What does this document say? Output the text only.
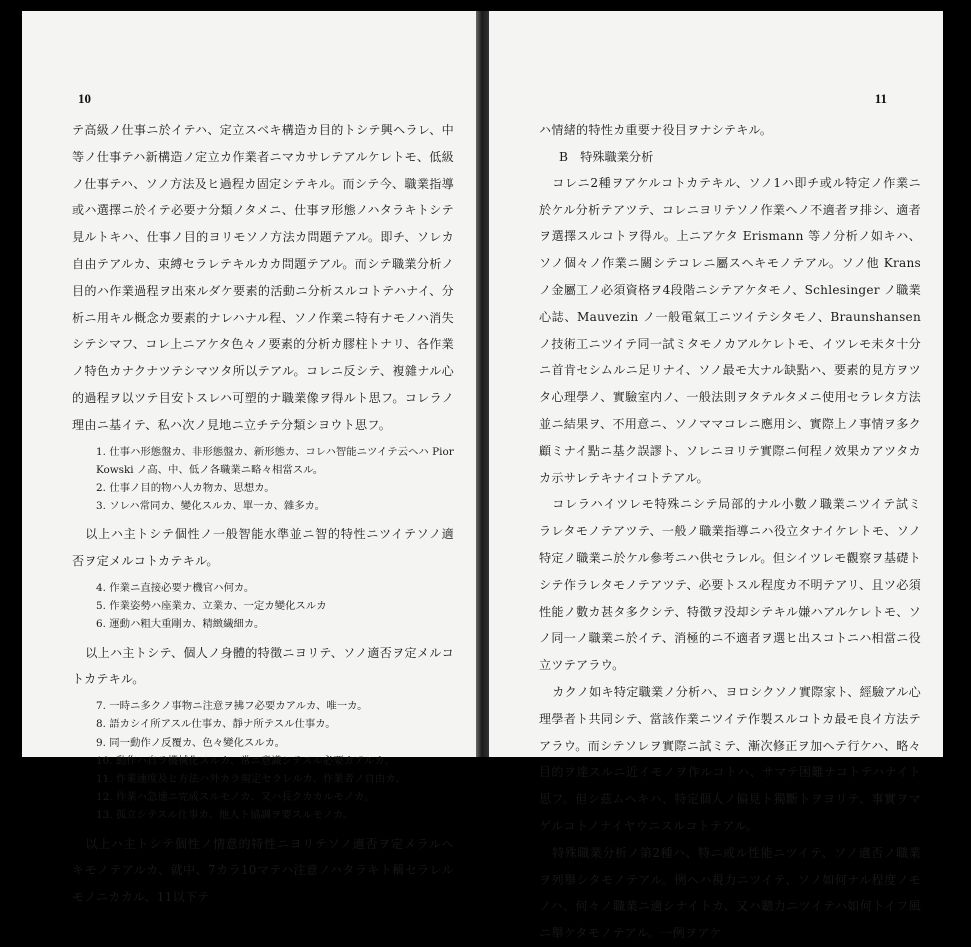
10

テ高級ノ仕事ニ於イテハ、定立スベキ構造カ目的トシテ興ヘラレ、中等ノ仕事テハ新構造ノ定立カ作業者ニマカサレテアルケレトモ、低級ノ仕事テハ、ソノ方法及ヒ過程カ固定シテキル。而シテ今、職業指導或ハ選擇ニ於イテ必要ナ分類ノタメニ、仕事ヲ形態ノハタラキトシテ見ルトキハ、仕事ノ目的ヨリモソノ方法カ問題テアル。即チ、ソレカ自由テアルカ、束縛セラレテキルカカ問題テアル。而シテ職業分析ノ目的ハ作業過程ヲ出來ルダケ要素的活動ニ分析スルコトテハナイ、分析ニ用キル概念カ要素的ナレハナル程、ソノ作業ニ特有ナモノハ消失シテシマフ、コレ上ニアケタ色々ノ要素的分析カ膠柱トナリ、各作業ノ特色カナクナツテシマツタ所以テアル。コレニ反シテ、複雜ナル心的過程ヲ以ツテ目安トスレハ可塑的ナ職業像ヲ得ルト思フ。コレラノ理由ニ基イテ、私ハ次ノ見地ニ立チテ分類シヨウト思フ。

1. 仕事ハ形態盤カ、非形態盤カ、新形態カ、コレハ智能ニツイテ云ヘハ Pior Kowski ノ高、中、低ノ各職業ニ略々相當スル。
2. 仕事ノ目的物ハ人カ物カ、思想カ。
3. ソレハ常同カ、變化スルカ、單一カ、雜多カ。

以上ハ主トシテ個性ノ一般智能水準並ニ智的特性ニツイテソノ適否ヲ定メルコトカテキル。

4. 作業ニ直接必要ナ機官ハ何カ。
5. 作業姿勢ハ座業カ、立業カ、一定カ變化スルカ
6. 運動ハ粗大重剛カ、精緻繊細カ。

以上ハ主トシテ、個人ノ身體的特徴ニヨリテ、ソノ適否ヲ定メルコトカテキル。

7. 一時ニ多クノ事物ニ注意ヲ拂フ必要カアルカ、唯一カ。
8. 語カシイ所アスル仕事カ、靜ナ所テスル仕事カ。
9. 同一動作ノ反覆カ、色々變化スルカ。
10. 動作ハ自ラ機械化スルカ、常ニ意識シテスル必要カアルカ。
11. 作業速度及ヒ方法ハ外カラ規定セラレルカ、作業者ノ自由カ。
12. 作業ハ急速ニ完成スルモノカ、又ハ長クカカルモノカ。
13. 孤立シテスル仕事カ、他人ト協調ヲ要スルモノカ。

以上ハ主トシテ個性ノ情意的特性ニヨリテソノ適否ヲ定メラルヘキモノテアルカ、就中、7カラ10マテハ注意ノハタラキト稱セラレルモノニカカル、11以下テ

11

ハ情緒的特性カ重要ナ役目ヲナシテキル。

B　特殊職業分析

コレニ2種ヲアケルコトカテキル、ソノ1ハ即チ或ル特定ノ作業ニ於ケル分析テアツテ、コレニヨリテソノ作業ヘノ不適者ヲ排シ、適者ヲ選擇スルコトヲ得ル。上ニアケタ Erismann 等ノ分析ノ如キハ、ソノ個々ノ作業ニ關シテコレニ屬スヘキモノテアル。ソノ他 Krans ノ金屬工ノ必須資格ヲ4段階ニシテアケタモノ、Schlesinger ノ職業心誌、Mauvezin ノ一般電氣工ニツイテシタモノ、Braunshansen ノ技術工ニツイテ同一試ミタモノカアルケレトモ、イツレモ未タ十分ニ首肯セシムルニ足リナイ、ソノ最モ大ナル缺點ハ、要素的見方ヲツタ心理學ノ、實驗室内ノ、一般法則ヲタテルタメニ使用セラレタ方法並ニ結果ヲ、不用意ニ、ソノママコレニ應用シ、實際上ノ事情ヲ多ク顧ミナイ點ニ基ク誤謬ト、ソレニヨリテ實際ニ何程ノ效果カアツタカカ示サレテキナイコトテアル。

コレラハイツレモ特殊ニシテ局部的ナル小數ノ職業ニツイテ試ミラレタモノテアツテ、一般ノ職業指導ニハ役立タナイケレトモ、ソノ特定ノ職業ニ於ケル參考ニハ供セラレル。但シイツレモ觀察ヲ基礎トシテ作ラレタモノテアツテ、必要トスル程度カ不明テアリ、且ツ必須性能ノ數カ甚タ多クシテ、特徴ヲ没却シテキル嫌ハアルケレトモ、ソノ同一ノ職業ニ於イテ、消極的ニ不適者ヲ選ヒ出スコトニハ相當ニ役立ツテアラウ。

カクノ如キ特定職業ノ分析ハ、ヨロシクソノ實際家ト、經驗アル心理學者ト共同シテ、當該作業ニツイテ作製スルコトカ最モ良イ方法テアラウ。而シテソレヲ實際ニ試ミテ、漸次修正ヲ加ヘテ行ケハ、略々目的ヲ達スルニ近イモノヲ作ルコトハ、サマテ困難ナコトテハナイト思フ。但シ茲ムヘキハ、特定個人ノ偏見ト獨斷トヲヨリテ、事實ヲマゲルコトノナイヤウニスルコトテアル。

特殊職業分析ノ第2種ハ、特ニ或ル性能ニツイテ、ソノ適否ノ職業ヲ列舉シタモノテアル。例ヘハ視力ニツイテ、ソノ如何ナル程度ノモノハ、何々ノ職業ニ適シナイトカ、又ハ聽力ニツイテハ如何トイフ風ニ舉ケタモノテアル。一例ヲアケ
